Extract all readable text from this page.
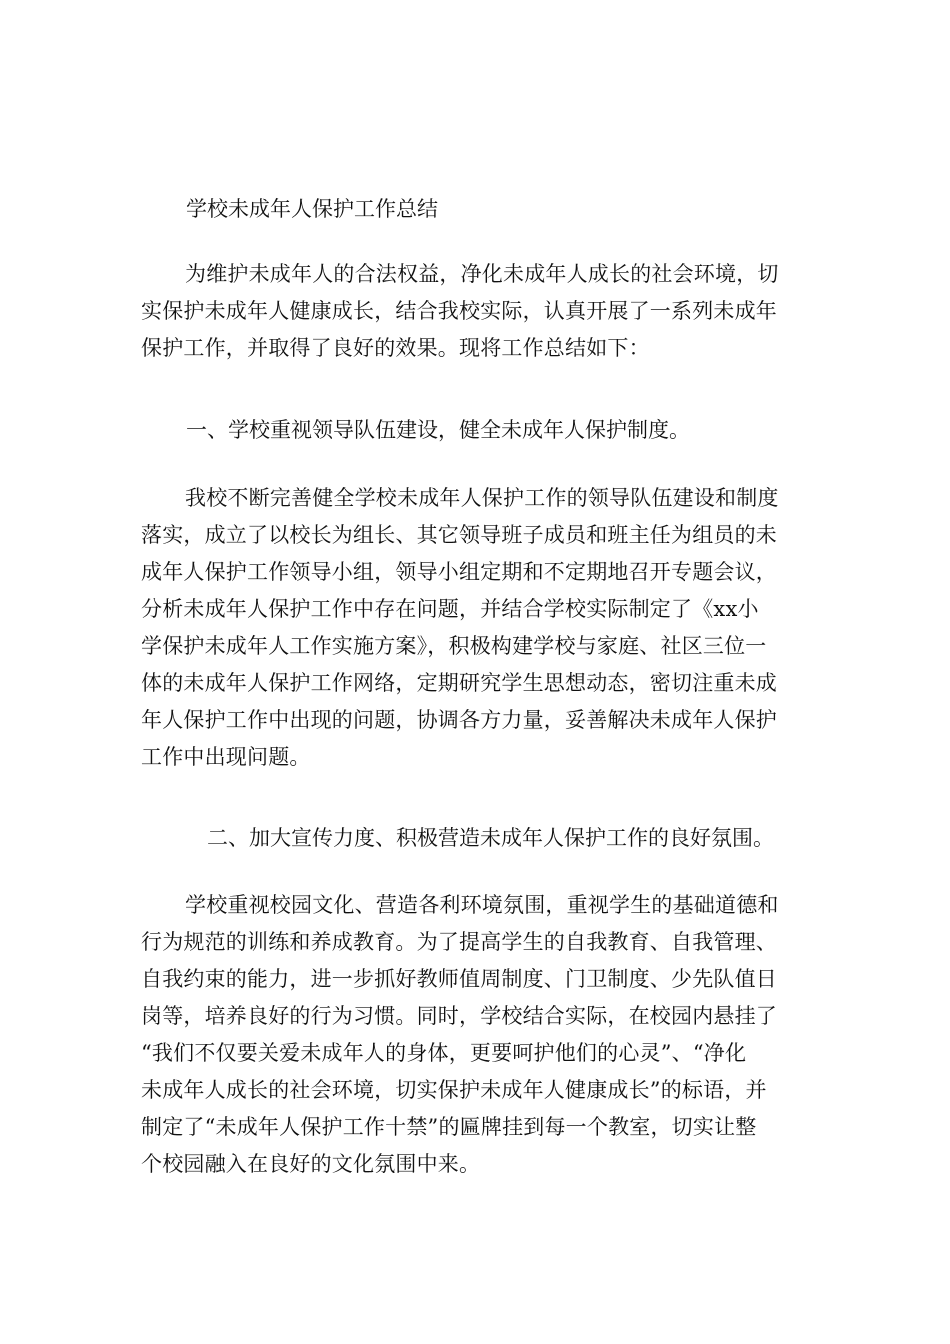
学校未成年人保护工作总结
为维护未成年人的合法权益，净化未成年人成长的社会环境，切
实保护未成年人健康成长，结合我校实际，认真开展了一系列未成年
保护工作，并取得了良好的效果。现将工作总结如下：
一、学校重视领导队伍建设，健全未成年人保护制度。
我校不断完善健全学校未成年人保护工作的领导队伍建设和制度
落实，成立了以校长为组长、其它领导班子成员和班主任为组员的未
成年人保护工作领导小组，领导小组定期和不定期地召开专题会议，
分析未成年人保护工作中存在问题，并结合学校实际制定了《xx小
学保护未成年人工作实施方案》，积极构建学校与家庭、社区三位一
体的未成年人保护工作网络，定期研究学生思想动态，密切注重未成
年人保护工作中出现的问题，协调各方力量，妥善解决未成年人保护
工作中出现问题。
二、加大宣传力度、积极营造未成年人保护工作的良好氛围。
学校重视校园文化、营造各利环境氛围，重视学生的基础道德和
行为规范的训练和养成教育。为了提高学生的自我教育、自我管理、
自我约束的能力，进一步抓好教师值周制度、门卫制度、少先队值日
岗等，培养良好的行为习惯。同时，学校结合实际，在校园内悬挂了
“我们不仅要关爱未成年人的身体，更要呵护他们的心灵”、“净化
未成年人成长的社会环境，切实保护未成年人健康成长”的标语，并
制定了“未成年人保护工作十禁”的匾牌挂到每一个教室，切实让整
个校园融入在良好的文化氛围中来。
